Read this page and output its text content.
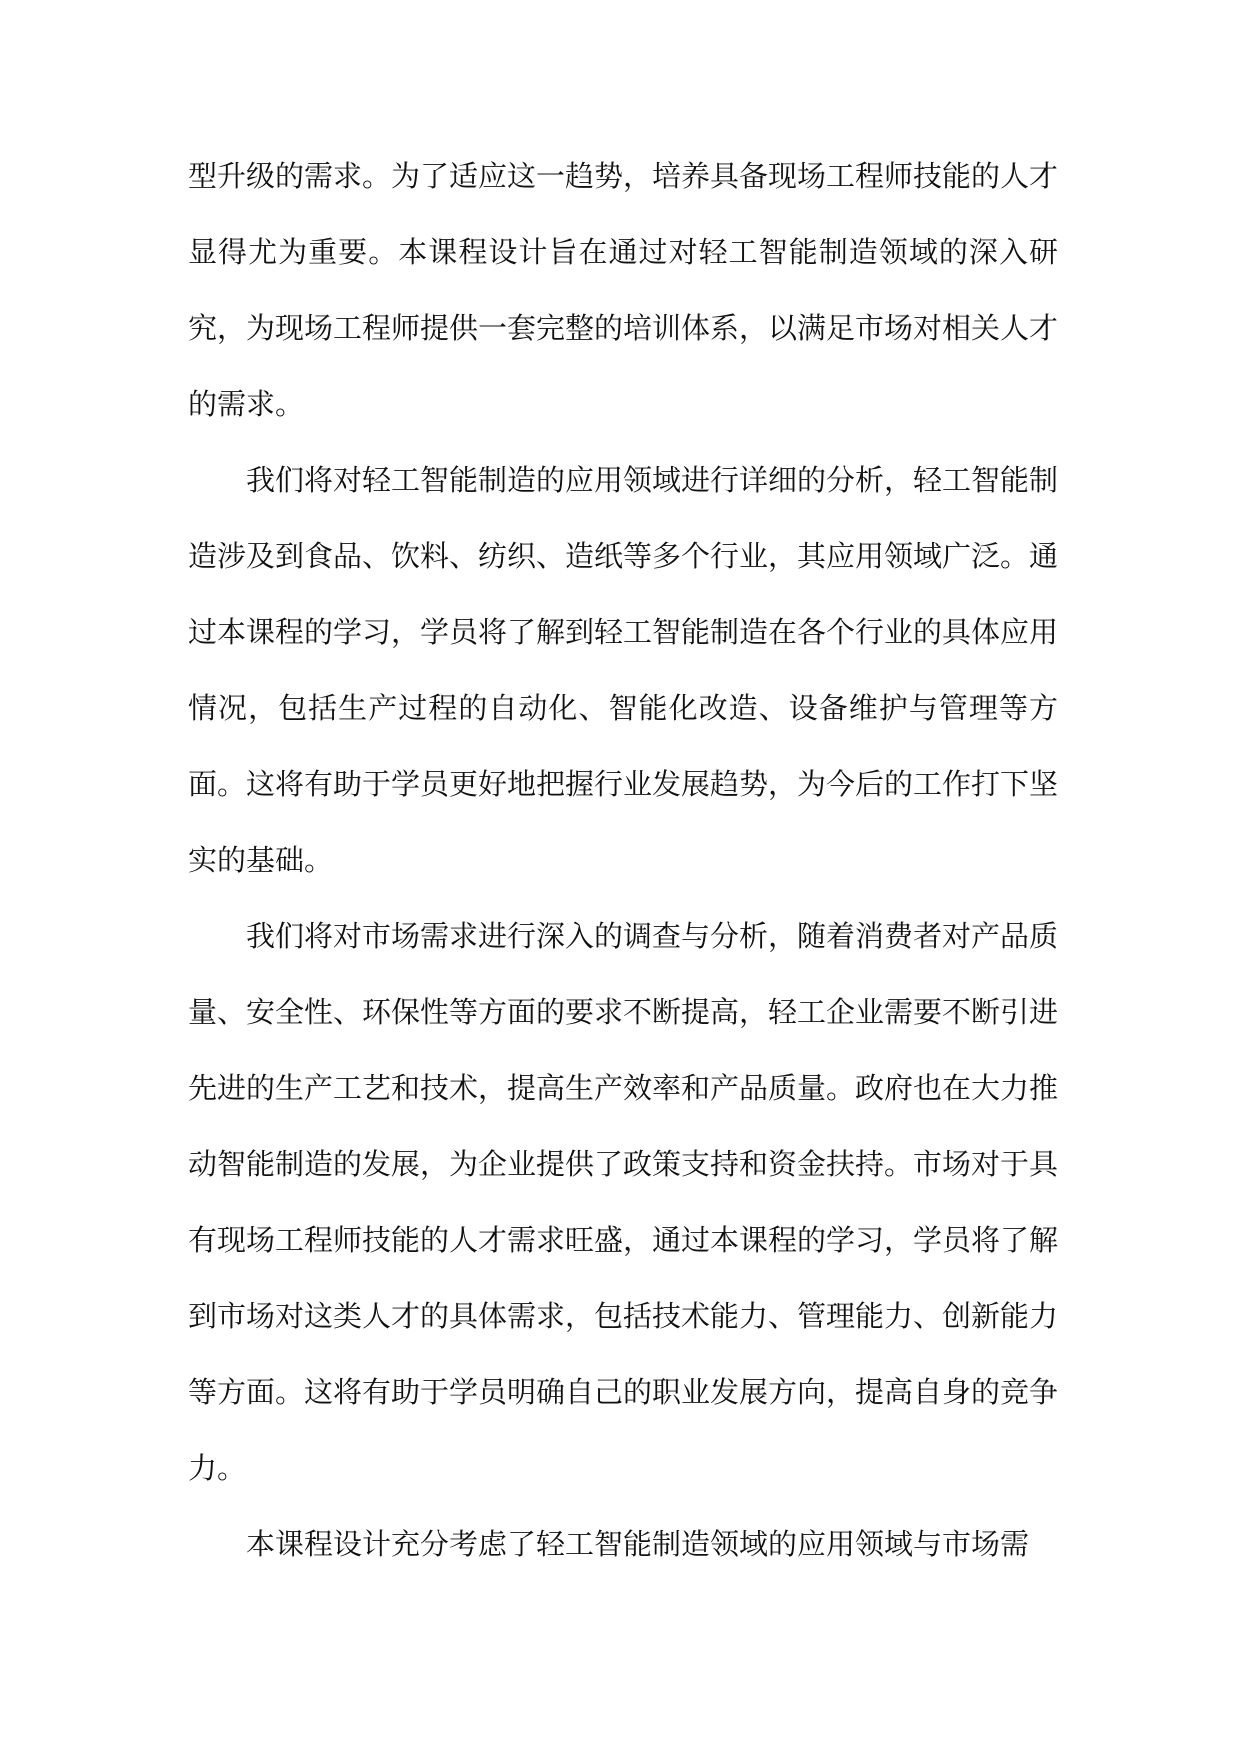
型升级的需求。为了适应这一趋势，培养具备现场工程师技能的人才显得尤为重要。本课程设计旨在通过对轻工智能制造领域的深入研究，为现场工程师提供一套完整的培训体系，以满足市场对相关人才的需求。

我们将对轻工智能制造的应用领域进行详细的分析，轻工智能制造涉及到食品、饮料、纺织、造纸等多个行业，其应用领域广泛。通过本课程的学习，学员将了解到轻工智能制造在各个行业的具体应用情况，包括生产过程的自动化、智能化改造、设备维护与管理等方面。这将有助于学员更好地把握行业发展趋势，为今后的工作打下坚实的基础。

我们将对市场需求进行深入的调查与分析，随着消费者对产品质量、安全性、环保性等方面的要求不断提高，轻工企业需要不断引进先进的生产工艺和技术，提高生产效率和产品质量。政府也在大力推动智能制造的发展，为企业提供了政策支持和资金扶持。市场对于具有现场工程师技能的人才需求旺盛，通过本课程的学习，学员将了解到市场对这类人才的具体需求，包括技术能力、管理能力、创新能力等方面。这将有助于学员明确自己的职业发展方向，提高自身的竞争力。

本课程设计充分考虑了轻工智能制造领域的应用领域与市场需
